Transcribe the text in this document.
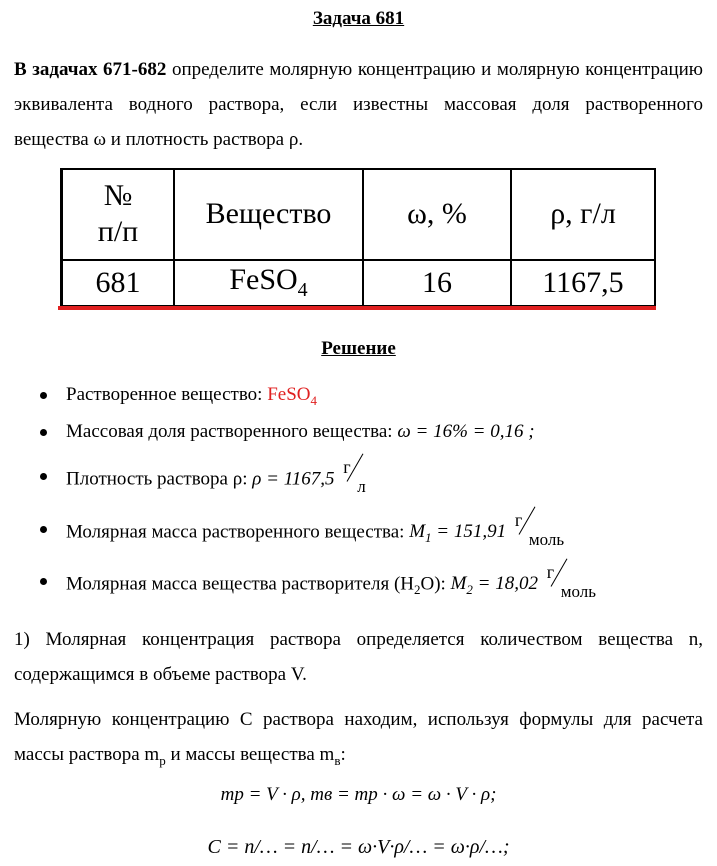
Задача 681
В задачах 671-682 определите молярную концентрацию и молярную концентрацию эквивалента водного раствора, если известны массовая доля растворенного вещества ω и плотность раствора ρ.
№ п/п	Вещество	ω, %	ρ, г/л
681	FeSO$_4$	16	1167,5
Решение
Растворенное вещество: FeSO$_4$
Массовая доля растворенного вещества: ω = 16% = 0,16 ;
Плотность раствора ρ: ρ = 1167,5
г
л
Молярная масса растворенного вещества: $M_1 = 151,91$
г
моль
Молярная масса вещества растворителя $(H_2O)$: $M_2 = 18,02$
г
моль
1) Молярная концентрация раствора определяется количеством вещества n, содержащимся в объеме раствора V.
Молярную концентрацию C раствора находим, используя формулы для расчета массы раствора $m_р$ и массы вещества $m_в$:
mp = V · ρ, mв = mp · ω = ω · V · ρ;
C = n/… = n/… = ω·V·ρ/… = ω·ρ/…;
